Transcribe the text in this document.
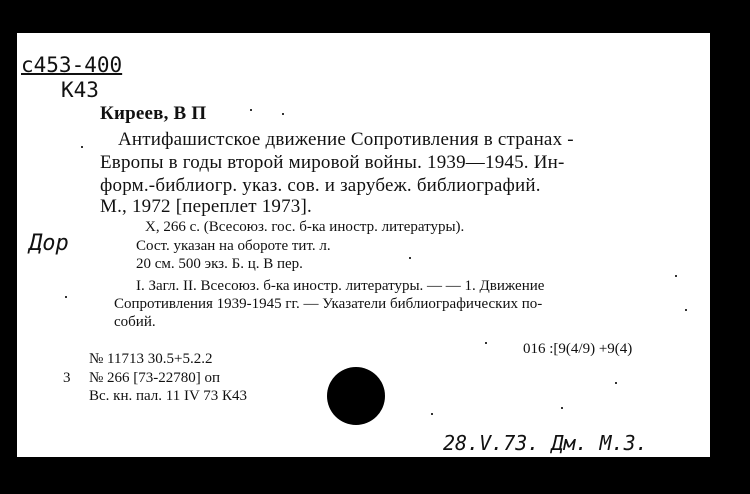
c453-400
К43
Киреев, В П
Антифашистское движение Сопротивления в странах -
Европы в годы второй мировой войны. 1939—1945. Ин-
форм.-библиогр. указ. сов. и зарубеж. библиографий.
М., 1972 [переплет 1973].
Дор
X, 266 с. (Всесоюз. гос. б-ка иностр. литературы).
Сост. указан на обороте тит. л.
20 см. 500 экз. Б. ц. В пер.
I. Загл. II. Всесоюз. б-ка иностр. литературы. — — 1. Движение
Сопротивления 1939-1945 гг. — Указатели библиографических по-
собий.
016 :[9(4/9) +9(4)
№ 11713 30.5+5.2.2
3 № 266 [73-22780] оп
Вс. кн. пал. 11 IV 73 К43
28.V.73. Дм. М.З.
